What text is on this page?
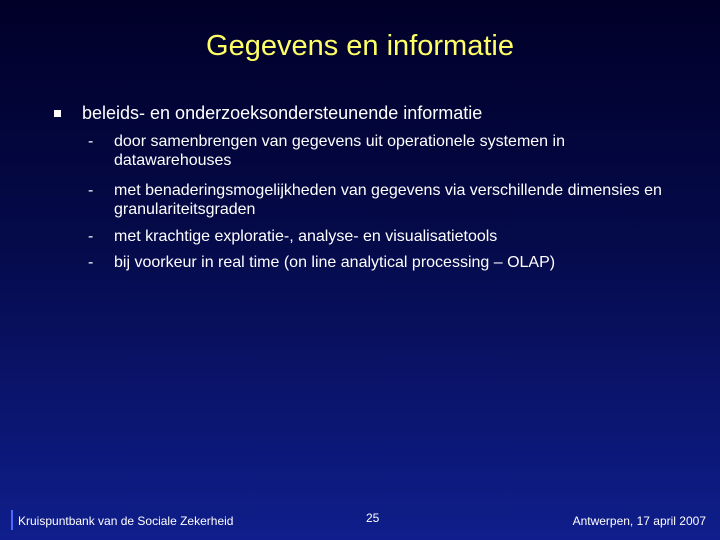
Gegevens en informatie
beleids- en onderzoeksondersteunende informatie
- door samenbrengen van gegevens uit operationele systemen in datawarehouses
- met benaderingsmogelijkheden van gegevens via verschillende dimensies en granulariteitsgraden
- met krachtige exploratie-, analyse- en visualisatietools
- bij voorkeur in real time (on line analytical processing – OLAP)
Kruispuntbank van de Sociale Zekerheid	25	Antwerpen, 17 april 2007
